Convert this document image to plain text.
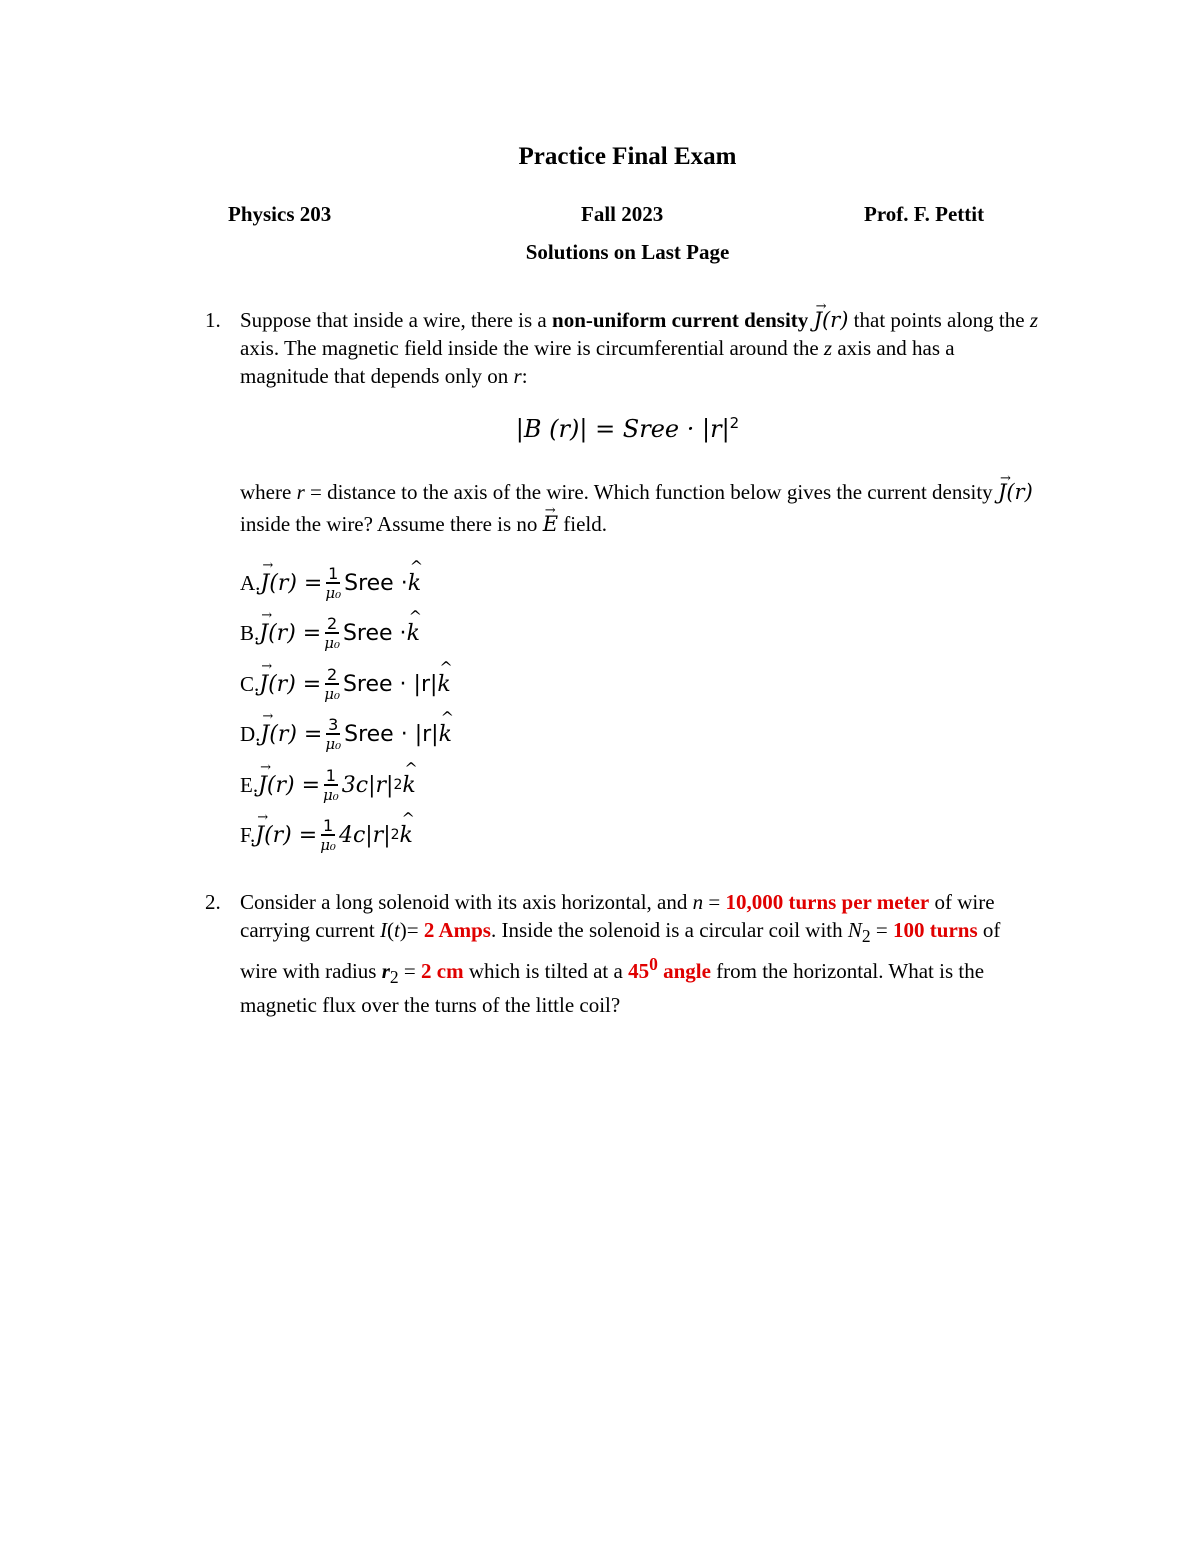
Practice Final Exam
Physics 203	Fall 2023	Prof. F. Pettit
Solutions on Last Page
1. Suppose that inside a wire, there is a non-uniform current density → J(r) that points along the z axis. The magnetic field inside the wire is circumferential around the z axis and has a magnitude that depends only on r:
|B (r)| = Sree · $|r|^2$
where r = distance to the axis of the wire. Which function below gives the current density → J(r) inside the wire? Assume there is no → E field.
A. → $J(r) = \frac{1}{\text{μ₀}}$ Sree · ^ k
B. → $J(r) = \frac{2}{\text{μ₀}}$ Sree · ^ k
C. → $J(r) = \frac{2}{\text{μ₀}}$ Sree · |r| ^ k
D. → $J(r) = \frac{3}{\text{μ₀}}$ Sree · |r| ^ k
E. → $J(r) = \frac{1}{\text{μ₀}} 3c|r|$ 2 ^ k
F. → $J(r) = \frac{1}{\text{μ₀}} 4c|r|$ 2 ^ k
2. Consider a long solenoid with its axis horizontal, and n = 10,000 turns per meter of wire carrying current I(t)= 2 Amps. Inside the solenoid is a circular coil with $N_2 = 100$ turns of wire with radius $r_2 = 2$ cm which is tilted at a $45^0$ angle from the horizontal. What is the magnetic flux over the turns of the little coil?
